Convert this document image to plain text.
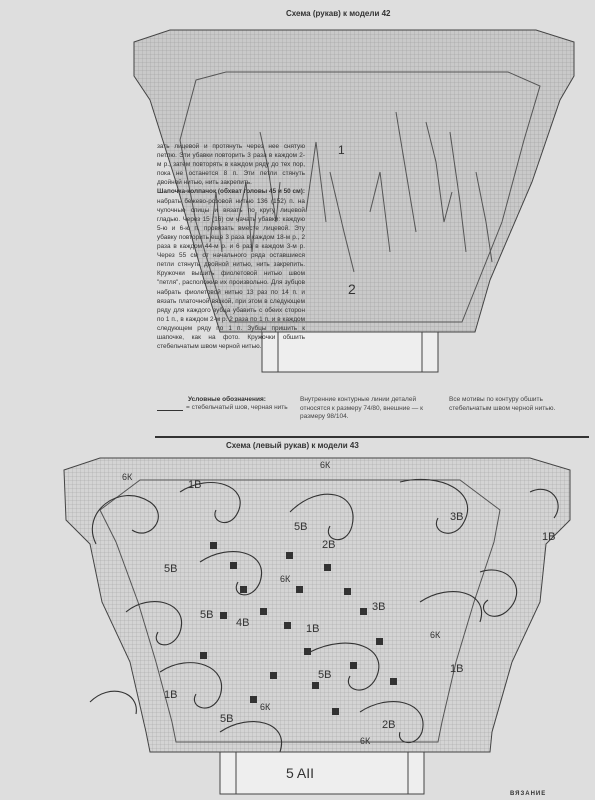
Схема (рукав) к модели 42
1
2

зать лицевой и протянуть через нее снятую петлю. Эти убавки повторить 3 раза в каждом 2-м р., затем повторять в каждом ряду до тех пор, пока не останется 8 п. Эти петли стянуть двойной нитью, нить закрепить.

Шапочка-колпачок (обхват головы 45 и 50 см): набрать бежево-розовой нитью 136 (152) п. на чулочные спицы и вязать по кругу лицевой гладью. Через 15 (16) см начать убавки: каждую 5-ю и 6-ю п. провязать вместе лицевой. Эту убавку повторить еще 3 раза в каждом 18-м р., 2 раза в каждом 44-м р. и 6 раз в каждом 3-м р. Через 55 см от начального ряда оставшиеся петли стянуть двойной нитью, нить закрепить. Кружочки вышить фиолетовой нитью швом "петля", расположив их произвольно. Для зубцов набрать фиолетовой нитью 13 раз по 14 п. и вязать платочной вязкой, при этом в следующем ряду для каждого зубца убавить с обеих сторон по 1 п., в каждом 2-м р. 2 раза по 1 п. и в каждом следующем ряду по 1 п. Зубцы пришить к шапочке, как на фото. Кружочки обшить стебельчатым швом черной нитью.

Условные обозначения:
= стебельчатый шов, черная нить
Внутренние контурные линии деталей относятся к размеру 74/80, внешние — к размеру 98/104.
Все мотивы по контуру обшить стебельчатым швом черной нитью.
Схема (левый рукав) к модели 43
6К
1В
6К
5В
3В
1В
5В
6К
2В
3В
4В	1В
5В
5В
6К
1В
1В
5В
6К
2В
6К
5 AII
ВЯЗАНИЕ
